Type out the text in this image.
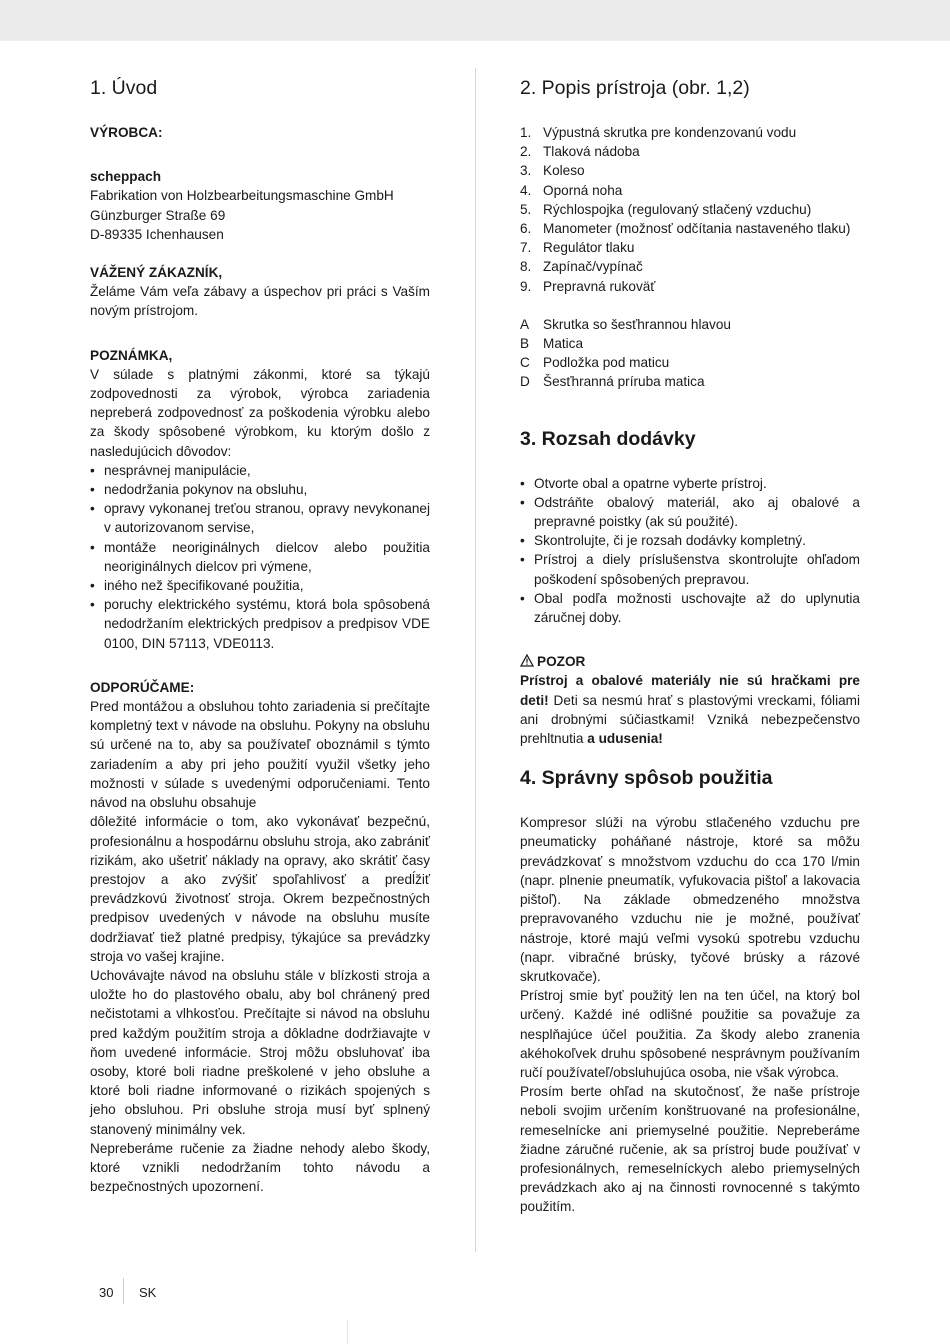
1. Úvod
VÝROBCA:
scheppach
Fabrikation von Holzbearbeitungsmaschine GmbH
Günzburger Straße 69
D-89335 Ichenhausen
VÁŽENÝ ZÁKAZNÍK,

Želáme Vám veľa zábavy a úspechov pri práci s Vaším novým prístrojom.

POZNÁMKA,

V súlade s platnými zákonmi, ktoré sa týkajú zodpovednosti za výrobok, výrobca zariadenia nepreberá zodpovednosť za poškodenia výrobku alebo za škody spôsobené výrobkom, ku ktorým došlo z nasledujúcich dôvodov:

• nesprávnej manipulácie,
• nedodržania pokynov na obsluhu,
• opravy vykonanej treťou stranou, opravy nevykonanej v autorizovanom servise,
• montáže neoriginálnych dielcov alebo použitia neoriginálnych dielcov pri výmene,
• iného než špecifikované použitia,
• poruchy elektrického systému, ktorá bola spôsobená nedodržaním elektrických predpisov a predpisov VDE 0100, DIN 57113, VDE0113.
ODPORÚČAME:

Pred montážou a obsluhou tohto zariadenia si prečítajte kompletný text v návode na obsluhu. Pokyny na obsluhu sú určené na to, aby sa používateľ oboznámil s týmto zariadením a aby pri jeho použití využil všetky jeho možnosti v súlade s uvedenými odporučeniami. Tento návod na obsluhu obsahuje

dôležité informácie o tom, ako vykonávať bezpečnú, profesionálnu a hospodárnu obsluhu stroja, ako zabrániť rizikám, ako ušetriť náklady na opravy, ako skrátiť časy prestojov a ako zvýšiť spoľahlivosť a predĺžiť prevádzkovú životnosť stroja. Okrem bezpečnostných predpisov uvedených v návode na obsluhu musíte dodržiavať tiež platné predpisy, týkajúce sa prevádzky stroja vo vašej krajine.

Uchovávajte návod na obsluhu stále v blízkosti stroja a uložte ho do plastového obalu, aby bol chránený pred nečistotami a vlhkosťou. Prečítajte si návod na obsluhu pred každým použitím stroja a dôkladne dodržiavajte v ňom uvedené informácie. Stroj môžu obsluhovať iba osoby, ktoré boli riadne preškolené v jeho obsluhe a ktoré boli riadne informované o rizikách spojených s jeho obsluhou. Pri obsluhe stroja musí byť splnený stanovený minimálny vek.

Nepreberáme ručenie za žiadne nehody alebo škody, ktoré vznikli nedodržaním tohto návodu a bezpečnostných upozornení.

2. Popis prístroja (obr. 1,2)
1. Výpustná skrutka pre kondenzovanú vodu
2. Tlaková nádoba
3. Koleso
4. Oporná noha
5. Rýchlospojka (regulovaný stlačený vzduchu)
6. Manometer (možnosť odčítania nastaveného tlaku)
7. Regulátor tlaku
8. Zapínač/vypínač
9. Prepravná rukoväť
A	Skrutka so šesťhrannou hlavou
B	Matica
C Podložka pod maticu
D Šesťhranná príruba matica
3. Rozsah dodávky
• Otvorte obal a opatrne vyberte prístroj.
• Odstráňte obalový materiál, ako aj obalové a prepravné poistky (ak sú použité).
• Skontrolujte, či je rozsah dodávky kompletný.
• Prístroj a diely príslušenstva skontrolujte ohľadom poškodení spôsobených prepravou.
• Obal podľa možnosti uschovajte až do uplynutia záručnej doby.
POZOR

Prístroj a obalové materiály nie sú hračkami pre deti! Deti sa nesmú hrať s plastovými vreckami, fóliami ani drobnými súčiastkami! Vzniká nebezpečenstvo prehltnutia a udusenia!

4. Správny spôsob použitia

Kompresor slúži na výrobu stlačeného vzduchu pre pneumaticky poháňané nástroje, ktoré sa môžu prevádzkovať s množstvom vzduchu do cca 170 l/min (napr. plnenie pneumatík, vyfukovacia pištoľ a lakovacia pištoľ). Na základe obmedzeného množstva prepravovaného vzduchu nie je možné, používať nástroje, ktoré majú veľmi vysokú spotrebu vzduchu (napr. vibračné brúsky, tyčové brúsky a rázové skrutkovače).

Prístroj smie byť použitý len na ten účel, na ktorý bol určený. Každé iné odlišné použitie sa považuje za nesplňajúce účel použitia. Za škody alebo zranenia akéhokoľvek druhu spôsobené nesprávnym používaním ručí používateľ/obsluhujúca osoba, nie však výrobca.

Prosím berte ohľad na skutočnosť, že naše prístroje neboli svojim určením konštruované na profesionálne, remeselnícke ani priemyselné použitie. Nepreberáme žiadne záručné ručenie, ak sa prístroj bude používať v profesionálnych, remeselníckych alebo priemyselných prevádzkach ako aj na činnosti rovnocenné s takýmto použitím.

30 SK
